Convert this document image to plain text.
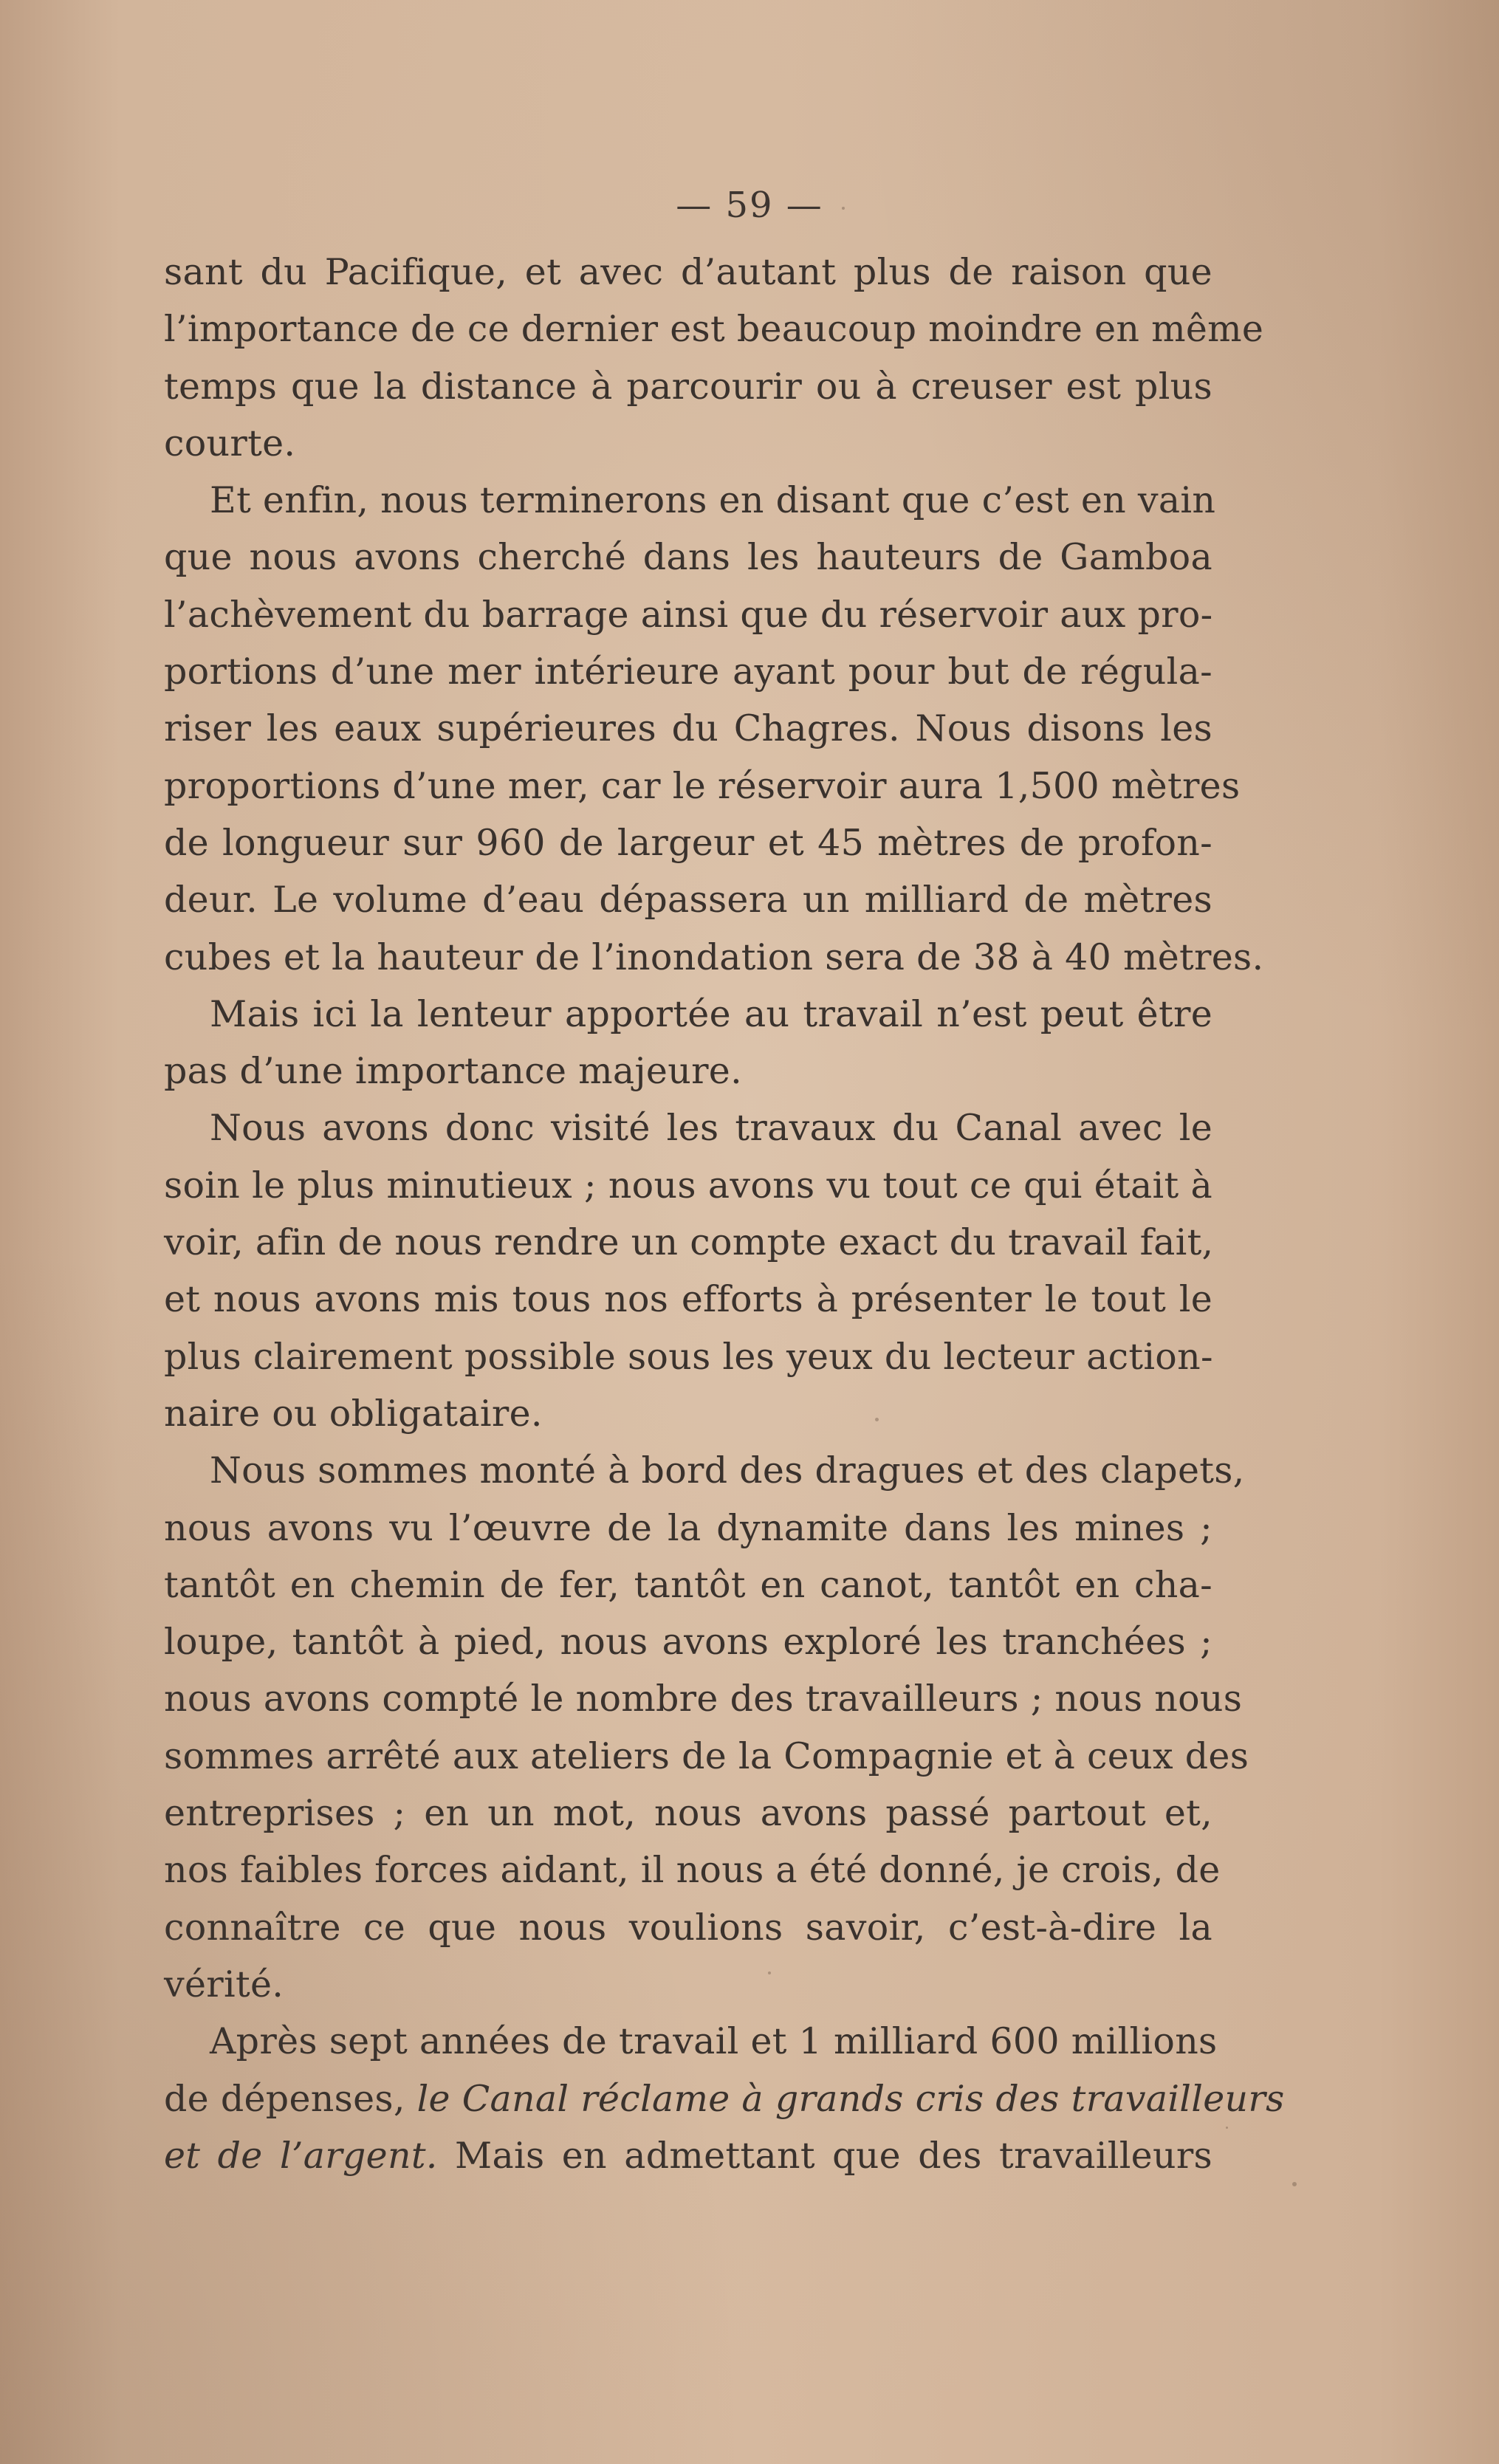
— 59 —
sant du Pacifique, et avec d’autant plus de raison que
l’importance de ce dernier est beaucoup moindre en même
temps que la distance à parcourir ou à creuser est plus
courte.
Et enfin, nous terminerons en disant que c’est en vain
que nous avons cherché dans les hauteurs de Gamboa
l’achèvement du barrage ainsi que du réservoir aux pro-
portions d’une mer intérieure ayant pour but de régula-
riser les eaux supérieures du Chagres. Nous disons les
proportions d’une mer, car le réservoir aura 1,500 mètres
de longueur sur 960 de largeur et 45 mètres de profon-
deur. Le volume d’eau dépassera un milliard de mètres
cubes et la hauteur de l’inondation sera de 38 à 40 mètres.
Mais ici la lenteur apportée au travail n’est peut être
pas d’une importance majeure.
Nous avons donc visité les travaux du Canal avec le
soin le plus minutieux ; nous avons vu tout ce qui était à
voir, afin de nous rendre un compte exact du travail fait,
et nous avons mis tous nos efforts à présenter le tout le
plus clairement possible sous les yeux du lecteur action-
naire ou obligataire.
Nous sommes monté à bord des dragues et des clapets,
nous avons vu l’œuvre de la dynamite dans les mines ;
tantôt en chemin de fer, tantôt en canot, tantôt en cha-
loupe, tantôt à pied, nous avons exploré les tranchées ;
nous avons compté le nombre des travailleurs ; nous nous
sommes arrêté aux ateliers de la Compagnie et à ceux des
entreprises ; en un mot, nous avons passé partout et,
nos faibles forces aidant, il nous a été donné, je crois, de
connaître ce que nous voulions savoir, c’est-à-dire la
vérité.
Après sept années de travail et 1 milliard 600 millions
de dépenses, le Canal réclame à grands cris des travailleurs
et de l’argent. Mais en admettant que des travailleurs
